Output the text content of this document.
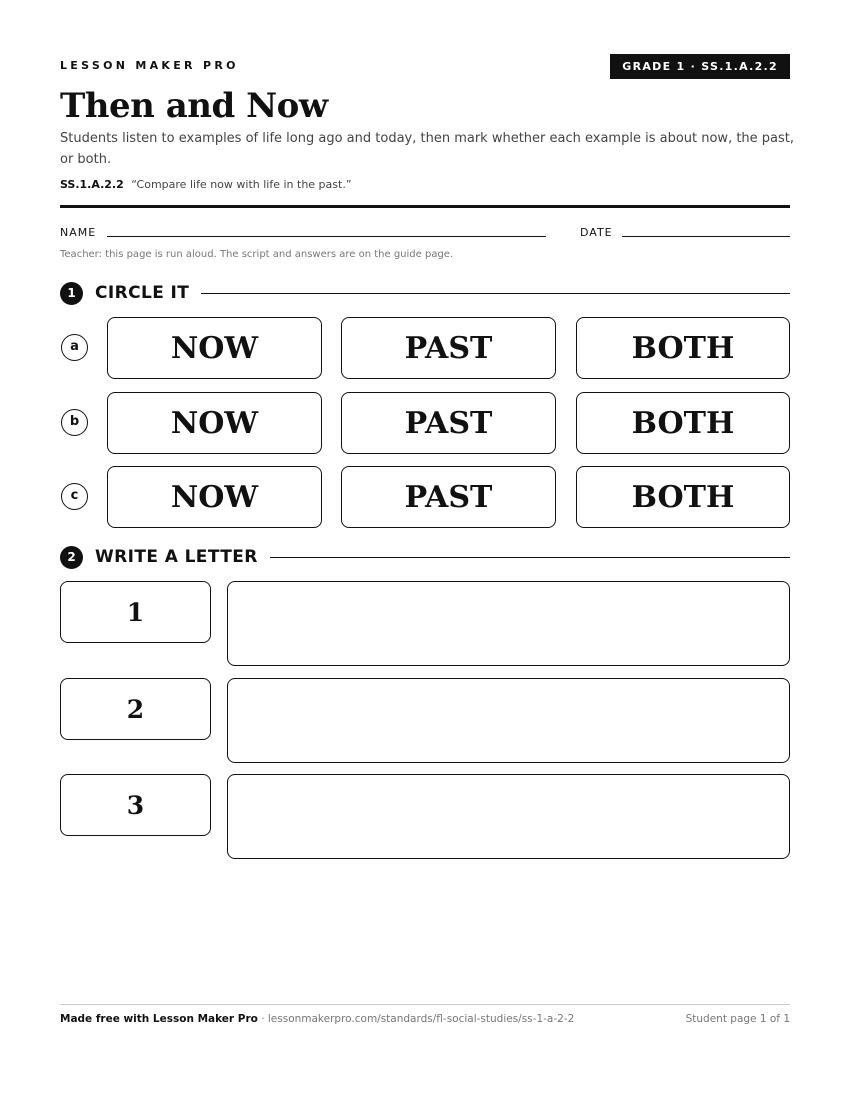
LESSON MAKER PRO	GRADE 1 · SS.1.A.2.2
Then and Now
Students listen to examples of life long ago and today, then mark whether each example is about now, the past, or both.
SS.1.A.2.2 “Compare life now with life in the past.”
NAME	DATE
Teacher: this page is run aloud. The script and answers are on the guide page.
1	CIRCLE IT
a	NOW	PAST	BOTH
b	NOW	PAST	BOTH
c	NOW	PAST	BOTH
2	WRITE A LETTER
1
2
3
Made free with Lesson Maker Pro · lessonmakerpro.com/standards/fl-social-studies/ss-1-a-2-2	Student page 1 of 1
